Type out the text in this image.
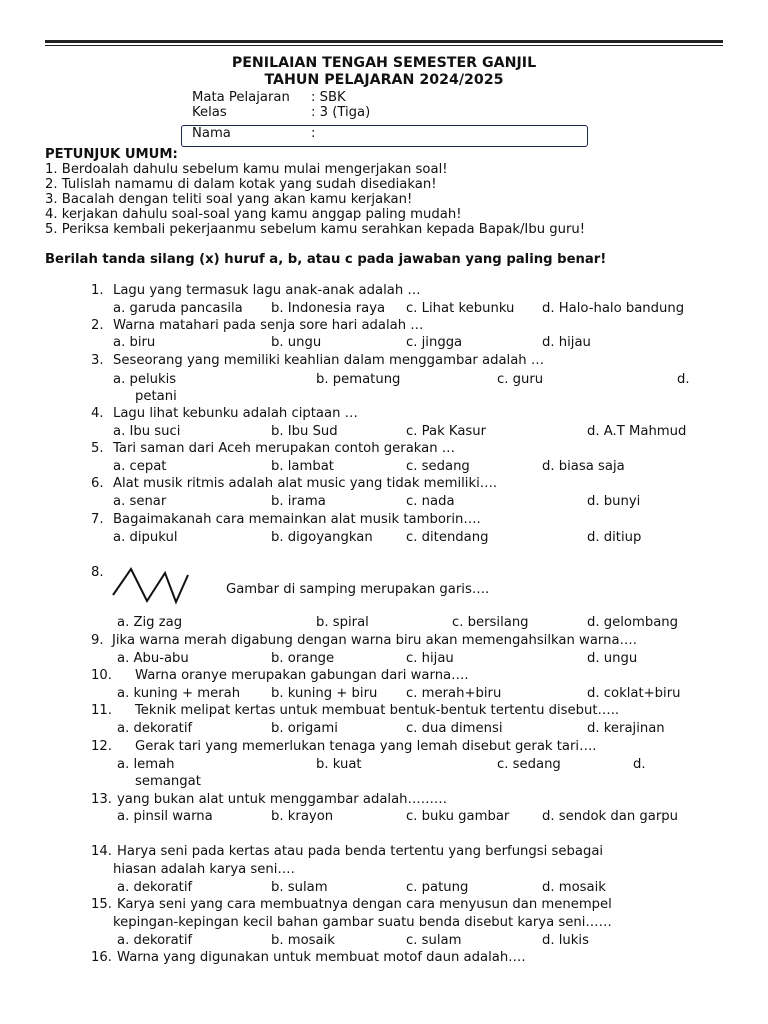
PENILAIAN TENGAH SEMESTER GANJIL
TAHUN PELAJARAN 2024/2025
Mata Pelajaran : SBK
Kelas	: 3 (Tiga)
Nama	:
PETUNJUK UMUM:
1. Berdoalah dahulu sebelum kamu mulai mengerjakan soal!
2. Tulislah namamu di dalam kotak yang sudah disediakan!
3. Bacalah dengan teliti soal yang akan kamu kerjakan!
4. kerjakan dahulu soal-soal yang kamu anggap paling mudah!
5. Periksa kembali pekerjaanmu sebelum kamu serahkan kepada Bapak/Ibu guru!
Berilah tanda silang (x) huruf a, b, atau c pada jawaban yang paling benar!
1. Lagu yang termasuk lagu anak-anak adalah …
a. garuda pancasila b. Indonesia raya c. Lihat kebunku d. Halo-halo bandung
2. Warna matahari pada senja sore hari adalah …
a. biru	b. ungu	c. jingga	d. hijau
3. Seseorang yang memiliki keahlian dalam menggambar adalah …
a. pelukis	b. pematung	c. guru	d.
petani
4. Lagu lihat kebunku adalah ciptaan …
a. Ibu suci	b. Ibu Sud	c. Pak Kasur	d. A.T Mahmud
5. Tari saman dari Aceh merupakan contoh gerakan …
a. cepat	b. lambat	c. sedang	d. biasa saja
6. Alat musik ritmis adalah alat music yang tidak memiliki….
a. senar	b. irama	c. nada	d. bunyi
7. Bagaimakanah cara memainkan alat musik tamborin….
a. dipukul	b. digoyangkan	c. ditendang	d. ditiup
8.
Gambar di samping merupakan garis….
a. Zig zag	b. spiral	c. bersilang	d. gelombang
9. Jika warna merah digabung dengan warna biru akan memengahsilkan warna….
a. Abu-abu	b. orange	c. hijau	d. ungu
10. Warna oranye merupakan gabungan dari warna….
a. kuning + merah b. kuning + biru c. merah+biru	d. coklat+biru
11. Teknik melipat kertas untuk membuat bentuk-bentuk tertentu disebut…..
a. dekoratif	b. origami	c. dua dimensi	d. kerajinan
12. Gerak tari yang memerlukan tenaga yang lemah disebut gerak tari….
a. lemah	b. kuat	c. sedang	d.
semangat
13. yang bukan alat untuk menggambar adalah………
a. pinsil warna	b. krayon	c. buku gambar d. sendok dan garpu
14. Harya seni pada kertas atau pada benda tertentu yang berfungsi sebagai
hiasan adalah karya seni….
a. dekoratif	b. sulam	c. patung	d. mosaik
15. Karya seni yang cara membuatnya dengan cara menyusun dan menempel
kepingan-kepingan kecil bahan gambar suatu benda disebut karya seni……
a. dekoratif	b. mosaik	c. sulam	d. lukis
16. Warna yang digunakan untuk membuat motof daun adalah….
